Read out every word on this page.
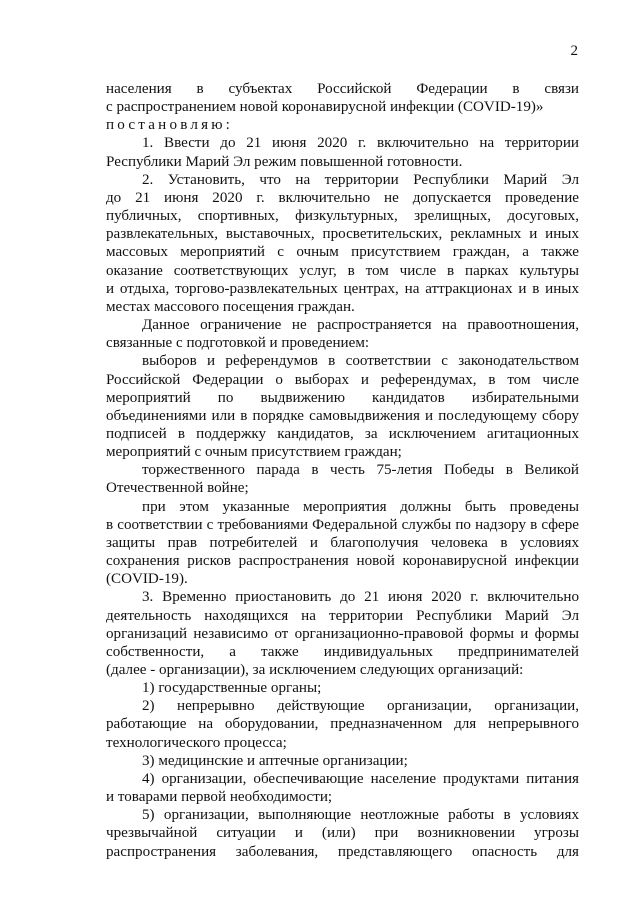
2

населения в субъектах Российской Федерации в связи
с распространением новой коронавирусной инфекции (COVID-19)»

постановляю:

1. Ввести до 21 июня 2020 г. включительно на территории
Республики Марий Эл режим повышенной готовности.

2. Установить, что на территории Республики Марий Эл
до 21 июня 2020 г. включительно не допускается проведение
публичных, спортивных, физкультурных, зрелищных, досуговых,
развлекательных, выставочных, просветительских, рекламных и иных
массовых мероприятий с очным присутствием граждан, а также
оказание соответствующих услуг, в том числе в парках культуры
и отдыха, торгово-развлекательных центрах, на аттракционах и в иных
местах массового посещения граждан.

Данное ограничение не распространяется на правоотношения,
связанные с подготовкой и проведением:

выборов и референдумов в соответствии с законодательством
Российской Федерации о выборах и референдумах, в том числе
мероприятий по выдвижению кандидатов избирательными
объединениями или в порядке самовыдвижения и последующему сбору
подписей в поддержку кандидатов, за исключением агитационных
мероприятий с очным присутствием граждан;

торжественного парада в честь 75-летия Победы в Великой
Отечественной войне;

при этом указанные мероприятия должны быть проведены
в соответствии с требованиями Федеральной службы по надзору в сфере
защиты прав потребителей и благополучия человека в условиях
сохранения рисков распространения новой коронавирусной инфекции
(COVID-19).

3. Временно приостановить до 21 июня 2020 г. включительно
деятельность находящихся на территории Республики Марий Эл
организаций независимо от организационно-правовой формы и формы
собственности, а также индивидуальных предпринимателей
(далее - организации), за исключением следующих организаций:

1) государственные органы;

2) непрерывно действующие организации, организации,
работающие на оборудовании, предназначенном для непрерывного
технологического процесса;

3) медицинские и аптечные организации;

4) организации, обеспечивающие население продуктами питания
и товарами первой необходимости;

5) организации, выполняющие неотложные работы в условиях
чрезвычайной ситуации и (или) при возникновении угрозы
распространения заболевания, представляющего опасность для
